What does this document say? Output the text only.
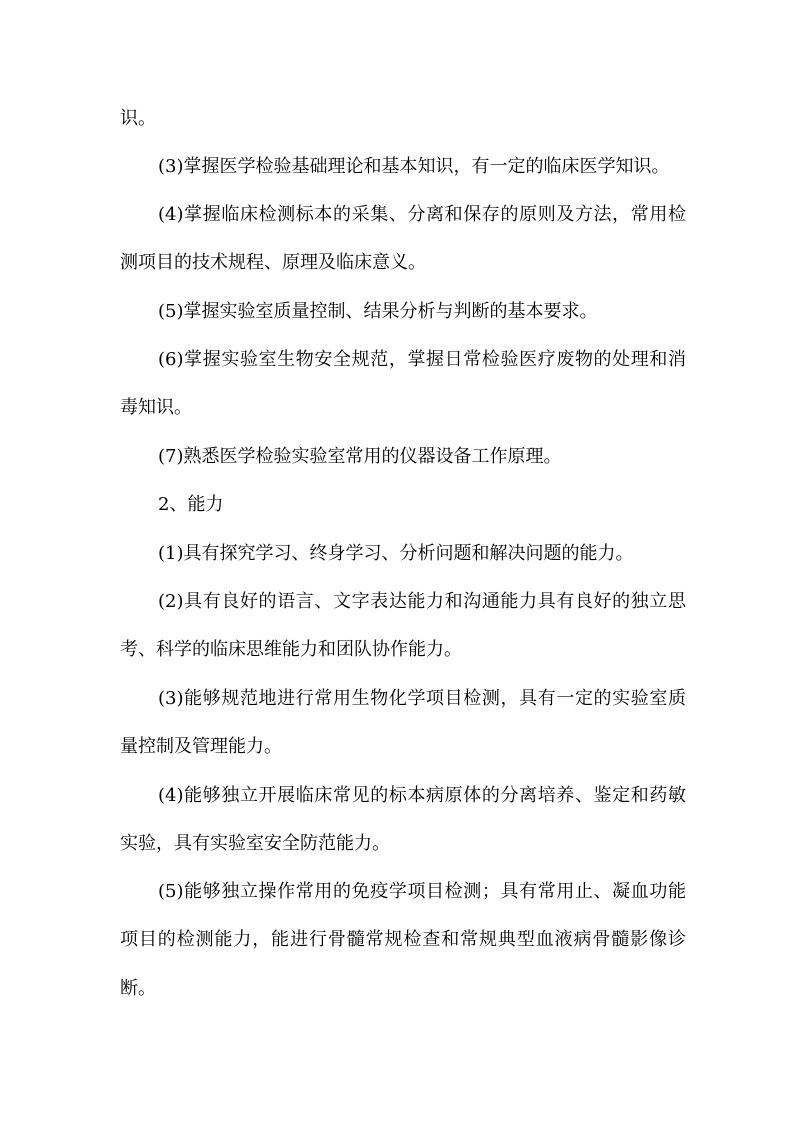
识。

(3)掌握医学检验基础理论和基本知识，有一定的临床医学知识。

(4)掌握临床检测标本的采集、分离和保存的原则及方法，常用检测项目的技术规程、原理及临床意义。

(5)掌握实验室质量控制、结果分析与判断的基本要求。

(6)掌握实验室生物安全规范，掌握日常检验医疗废物的处理和消毒知识。

(7)熟悉医学检验实验室常用的仪器设备工作原理。

2、能力

(1)具有探究学习、终身学习、分析问题和解决问题的能力。

(2)具有良好的语言、文字表达能力和沟通能力具有良好的独立思考、科学的临床思维能力和团队协作能力。

(3)能够规范地进行常用生物化学项目检测，具有一定的实验室质量控制及管理能力。

(4)能够独立开展临床常见的标本病原体的分离培养、鉴定和药敏实验，具有实验室安全防范能力。

(5)能够独立操作常用的免疫学项目检测；具有常用止、凝血功能项目的检测能力，能进行骨髓常规检查和常规典型血液病骨髓影像诊断。
